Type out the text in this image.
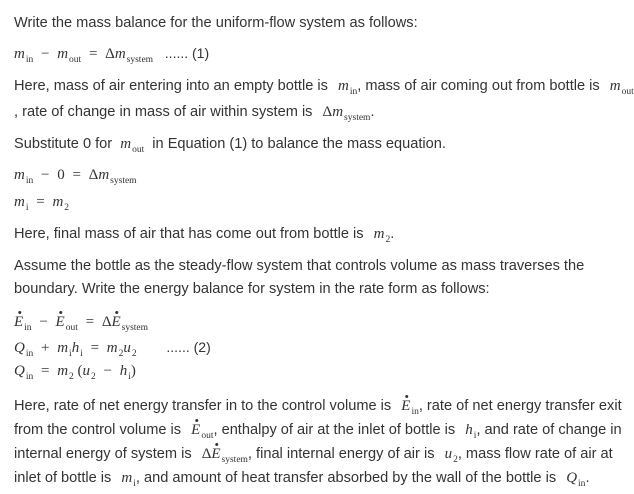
Write the mass balance for the uniform-flow system as follows:
$m_{in} - m_{out} = \Delta m_{system}$ ...... (1)
Here, mass of air entering into an empty bottle is $m_{in}$, mass of air coming out from bottle is $m_{out}$
, rate of change in mass of air within system is $\Delta m_{system}$.
Substitute 0 for $m_{out}$ in Equation (1) to balance the mass equation.
$m_{in} - 0 = \Delta m_{system}$
$m_i = m_2$
Here, final mass of air that has come out from bottle is $m_2$.
Assume the bottle as the steady-flow system that controls volume as mass traverses the
boundary. Write the energy balance for system in the rate form as follows:
$E_{in} - E_{out} = \Delta E_{system}$
$Q_{in} + m_ih_i = m_2u_2$ ...... (2)
$Q_{in} = m_2$ $(u_2 - h_i)$
Here, rate of net energy transfer in to the control volume is $E_{in}$, rate of net energy transfer exit
from the control volume is $E_{out}$, enthalpy of air at the inlet of bottle is $h_i$, and rate of change in
internal energy of system is $\Delta E_{system}$, final internal energy of air is $u_2$, mass flow rate of air at
inlet of bottle is $m_i$, and amount of heat transfer absorbed by the wall of the bottle is $Q_{in}$.
